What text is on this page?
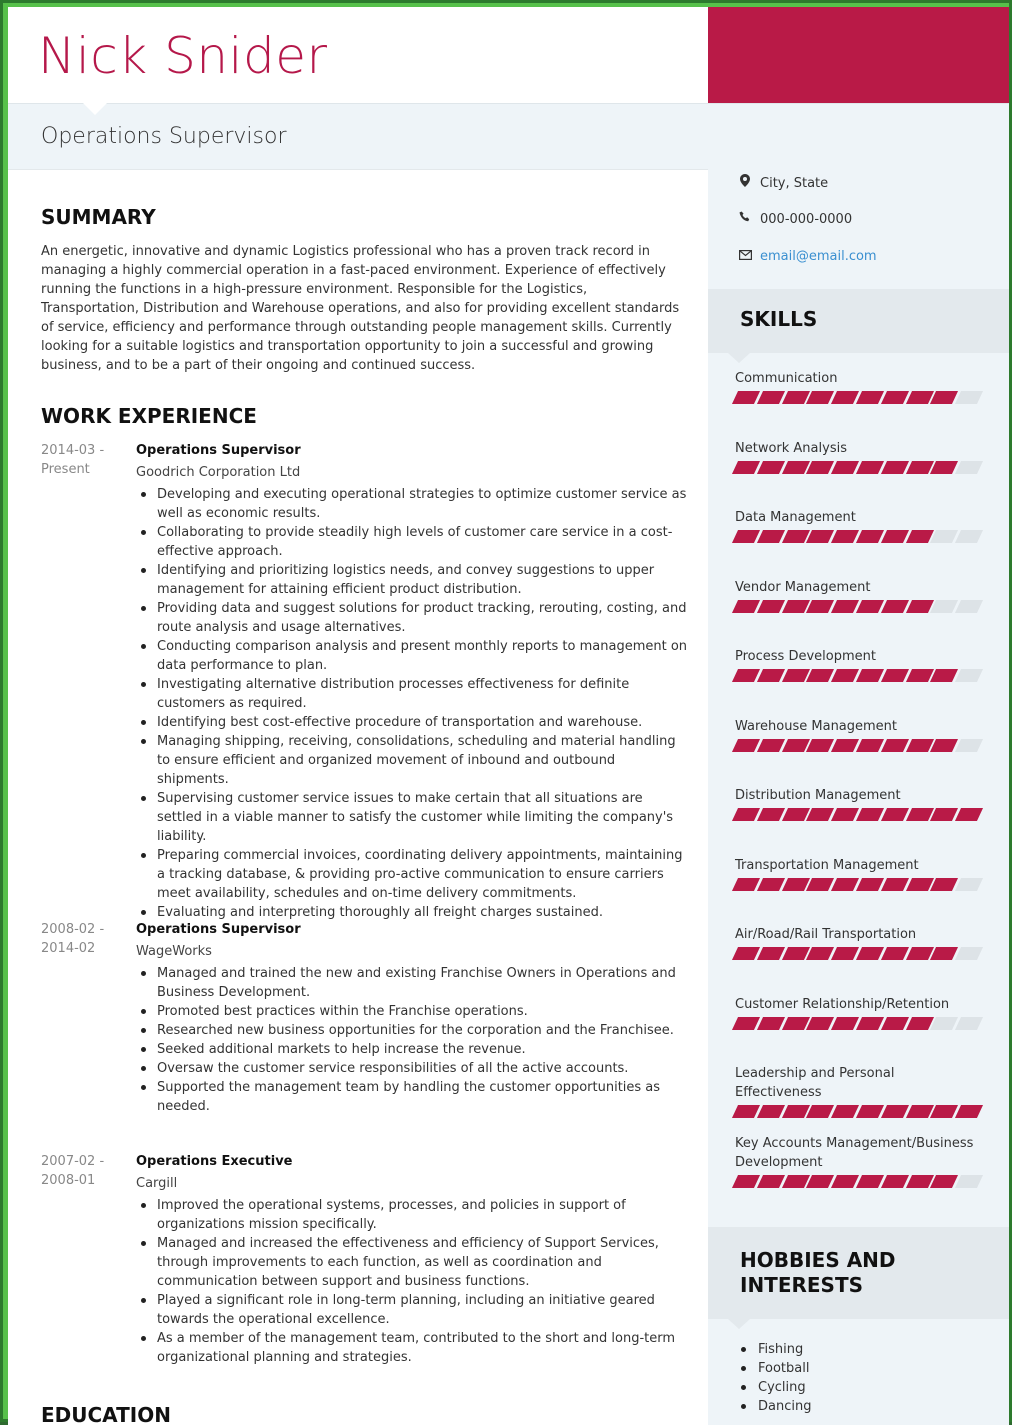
Nick Snider
Operations Supervisor
SUMMARY
An energetic, innovative and dynamic Logistics professional who has a proven track record in managing a highly commercial operation in a fast-paced environment. Experience of effectively running the functions in a high-pressure environment. Responsible for the Logistics, Transportation, Distribution and Warehouse operations, and also for providing excellent standards of service, efficiency and performance through outstanding people management skills. Currently looking for a suitable logistics and transportation opportunity to join a successful and growing business, and to be a part of their ongoing and continued success.
WORK EXPERIENCE
2014-03 - Present
Operations Supervisor
Goodrich Corporation Ltd
Developing and executing operational strategies to optimize customer service as well as economic results.
Collaborating to provide steadily high levels of customer care service in a cost-effective approach.
Identifying and prioritizing logistics needs, and convey suggestions to upper management for attaining efficient product distribution.
Providing data and suggest solutions for product tracking, rerouting, costing, and route analysis and usage alternatives.
Conducting comparison analysis and present monthly reports to management on data performance to plan.
Investigating alternative distribution processes effectiveness for definite customers as required.
Identifying best cost-effective procedure of transportation and warehouse.
Managing shipping, receiving, consolidations, scheduling and material handling to ensure efficient and organized movement of inbound and outbound shipments.
Supervising customer service issues to make certain that all situations are settled in a viable manner to satisfy the customer while limiting the company's liability.
Preparing commercial invoices, coordinating delivery appointments, maintaining a tracking database, & providing pro-active communication to ensure carriers meet availability, schedules and on-time delivery commitments.
Evaluating and interpreting thoroughly all freight charges sustained.
2008-02 - 2014-02
Operations Supervisor
WageWorks
Managed and trained the new and existing Franchise Owners in Operations and Business Development.
Promoted best practices within the Franchise operations.
Researched new business opportunities for the corporation and the Franchisee.
Seeked additional markets to help increase the revenue.
Oversaw the customer service responsibilities of all the active accounts.
Supported the management team by handling the customer opportunities as needed.
2007-02 - 2008-01
Operations Executive
Cargill
Improved the operational systems, processes, and policies in support of organizations mission specifically.
Managed and increased the effectiveness and efficiency of Support Services, through improvements to each function, as well as coordination and communication between support and business functions.
Played a significant role in long-term planning, including an initiative geared towards the operational excellence.
As a member of the management team, contributed to the short and long-term organizational planning and strategies.
EDUCATION
City, State
000-000-0000
email@email.com
SKILLS
Communication
Network Analysis
Data Management
Vendor Management
Process Development
Warehouse Management
Distribution Management
Transportation Management
Air/Road/Rail Transportation
Customer Relationship/Retention
Leadership and Personal Effectiveness
Key Accounts Management/Business Development
HOBBIES AND INTERESTS
Fishing
Football
Cycling
Dancing
